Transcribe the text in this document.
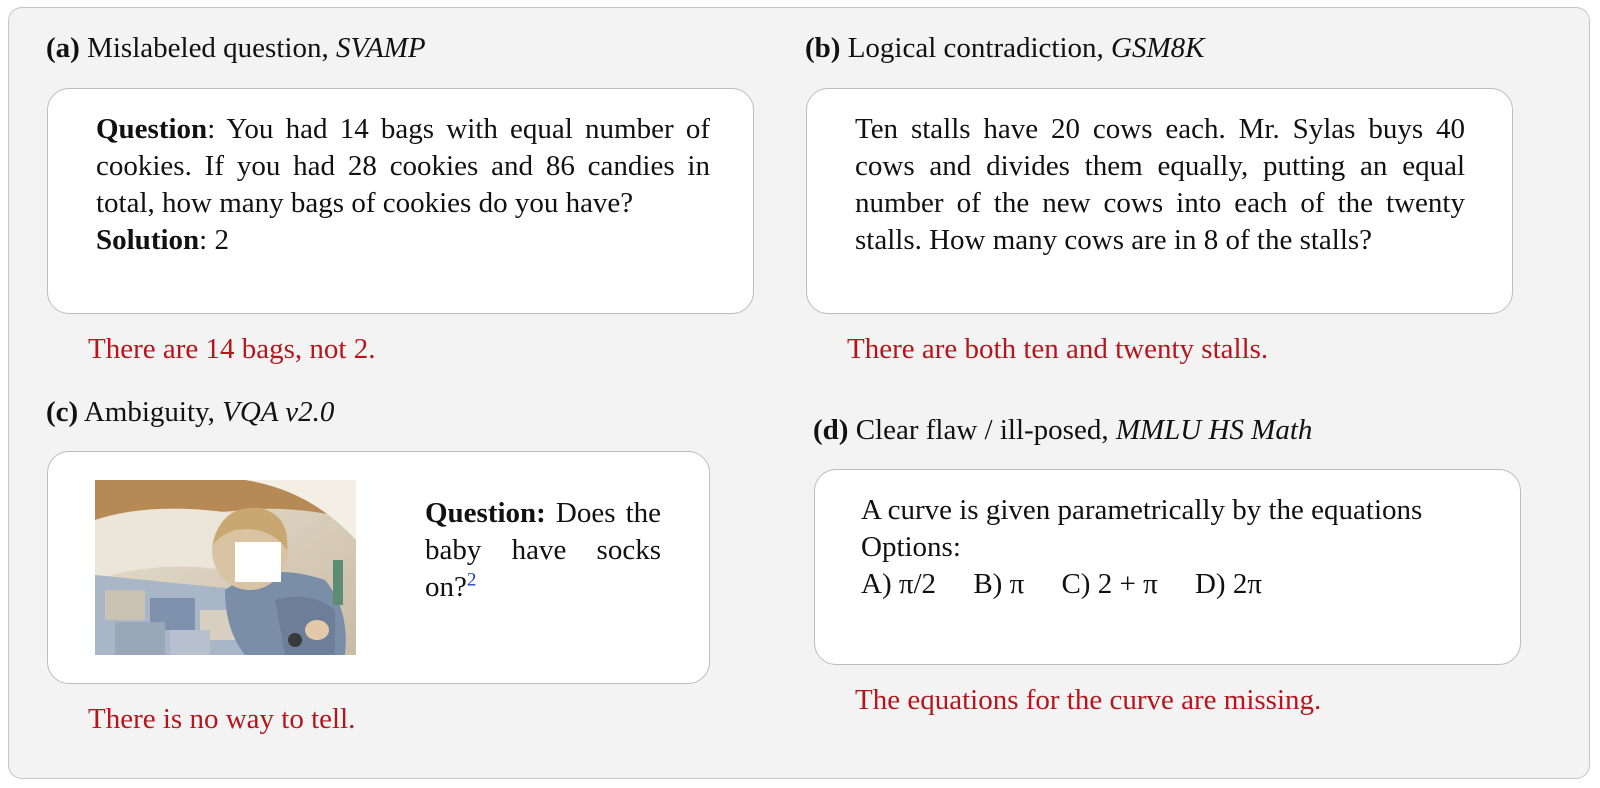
(a) Mislabeled question, SVAMP
Question: You had 14 bags with equal number of cookies. If you had 28 cookies and 86 candies in total, how many bags of cookies do you have?
Solution: 2
There are 14 bags, not 2.
(b) Logical contradiction, GSM8K
Ten stalls have 20 cows each. Mr. Sylas buys 40 cows and divides them equally, putting an equal number of the new cows into each of the twenty stalls. How many cows are in 8 of the stalls?
There are both ten and twenty stalls.
(c) Ambiguity, VQA v2.0
Question: Does the baby have socks on?$^2$
There is no way to tell.
(d) Clear flaw / ill-posed, MMLU HS Math
A curve is given parametrically by the equations
Options:
A) π/2 B) π C) 2 + π D) 2π
The equations for the curve are missing.
